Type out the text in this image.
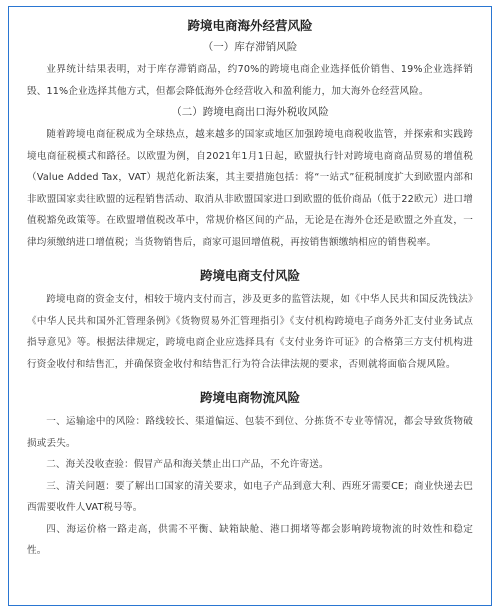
跨境电商海外经营风险
（一）库存滞销风险

业界统计结果表明，对于库存滞销商品，约70%的跨境电商企业选择低价销售、19%企业选择销毁、11%企业选择其他方式，但都会降低海外仓经营收入和盈利能力，加大海外仓经营风险。

（二）跨境电商出口海外税收风险

随着跨境电商征税成为全球热点，越来越多的国家或地区加强跨境电商税收监管，并探索和实践跨境电商征税模式和路径。以欧盟为例，自2021年1月1日起，欧盟执行针对跨境电商商品贸易的增值税（Value Added Tax，VAT）规范化新法案，其主要措施包括：将“一站式”征税制度扩大到欧盟内部和非欧盟国家卖往欧盟的远程销售活动、取消从非欧盟国家进口到欧盟的低价商品（低于22欧元）进口增值税豁免政策等。在欧盟增值税改革中，常规价格区间的产品，无论是在海外仓还是欧盟之外直发，一律均须缴纳进口增值税；当货物销售后，商家可退回增值税，再按销售额缴纳相应的销售税率。

跨境电商支付风险

跨境电商的资金支付，相较于境内支付而言，涉及更多的监管法规，如《中华人民共和国反洗钱法》《中华人民共和国外汇管理条例》《货物贸易外汇管理指引》《支付机构跨境电子商务外汇支付业务试点指导意见》等。根据法律规定，跨境电商企业应选择具有《支付业务许可证》的合格第三方支付机构进行资金收付和结售汇，并确保资金收付和结售汇行为符合法律法规的要求，否则就将面临合规风险。

跨境电商物流风险

一、运输途中的风险：路线较长、渠道偏远、包装不到位、分拣货不专业等情况，都会导致货物破损或丢失。

二、海关没收查验：假冒产品和海关禁止出口产品，不允许寄送。

三、清关问题：要了解出口国家的清关要求，如电子产品到意大利、西班牙需要CE；商业快递去巴西需要收件人VAT税号等。

四、海运价格一路走高，供需不平衡、缺箱缺舱、港口拥堵等都会影响跨境物流的时效性和稳定性。
